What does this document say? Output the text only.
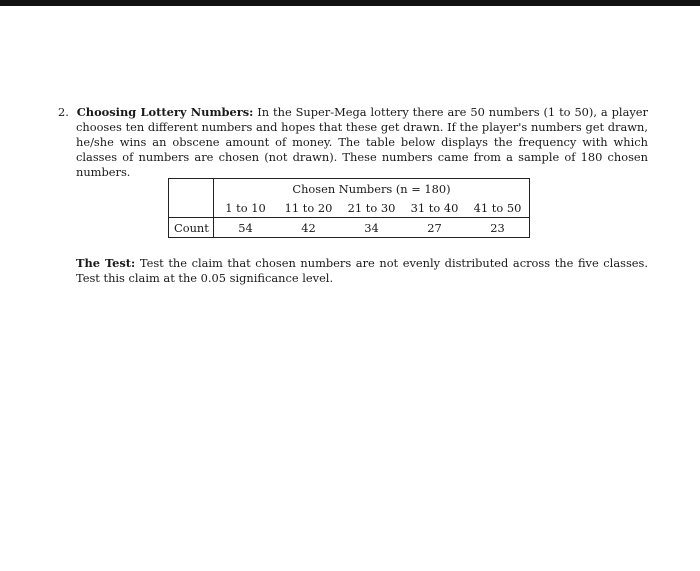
2. Choosing Lottery Numbers: In the Super-Mega lottery there are 50 numbers (1 to 50), a player chooses ten different numbers and hopes that these get drawn. If the player's numbers get drawn, he/she wins an obscene amount of money. The table below displays the frequency with which classes of numbers are chosen (not drawn). These numbers came from a sample of 180 chosen numbers.
	Chosen Numbers (n = 180)				
	1 to 10	11 to 20	21 to 30	31 to 40	41 to 50
Count	54	42	34	27	23
The Test: Test the claim that chosen numbers are not evenly distributed across the five classes. Test this claim at the 0.05 significance level.
